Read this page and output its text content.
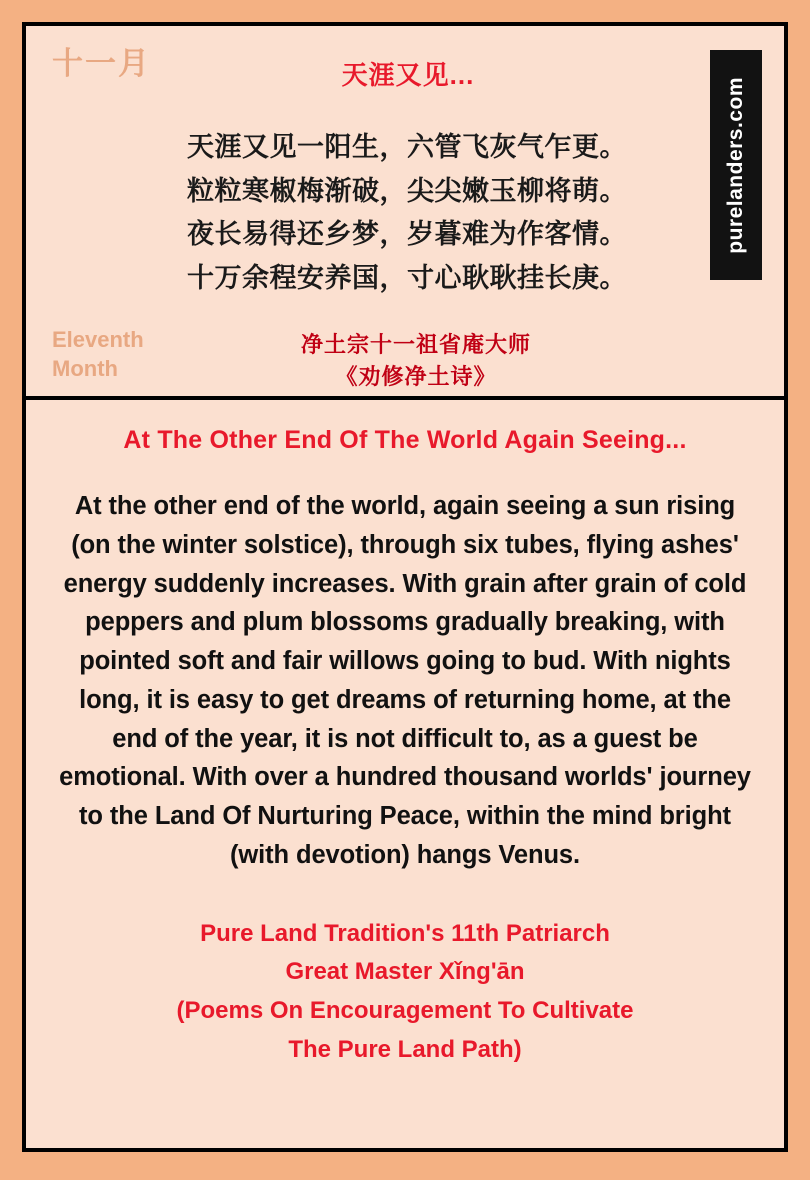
十一月	天涯又见...
天涯又见一阳生，六管飞灰气乍更。
粒粒寒椒梅渐破，尖尖嫩玉柳将萌。
夜长易得还乡梦，岁暮难为作客情。
十万余程安养国，寸心耿耿挂长庚。
净土宗十一祖省庵大师
《劝修净土诗》
Eleventh
Month
purelanders.com
At The Other End Of The World Again Seeing...
At the other end of the world, again seeing a sun rising (on the winter solstice), through six tubes, flying ashes' energy suddenly increases. With grain after grain of cold peppers and plum blossoms gradually breaking, with pointed soft and fair willows going to bud. With nights long, it is easy to get dreams of returning home, at the end of the year, it is not difficult to, as a guest be emotional. With over a hundred thousand worlds' journey to the Land Of Nurturing Peace, within the mind bright (with devotion) hangs Venus.
Pure Land Tradition's 11th Patriarch
Great Master Xǐng'ān
(Poems On Encouragement To Cultivate
The Pure Land Path)
